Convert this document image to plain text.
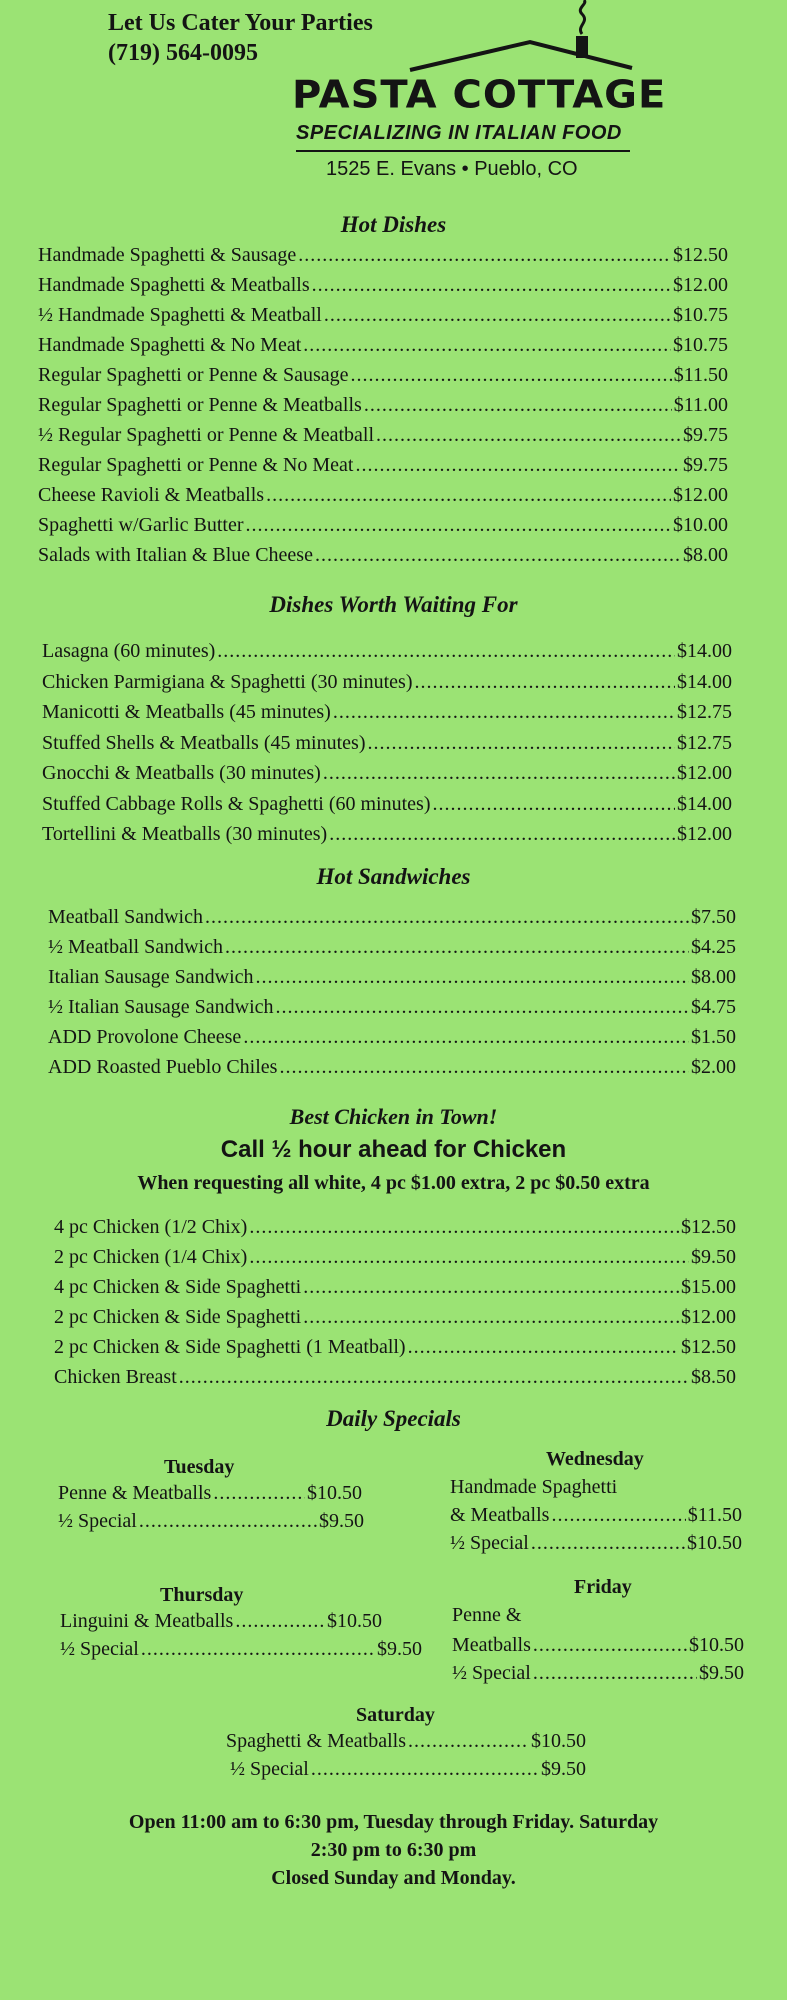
Let Us Cater Your Parties
(719) 564-0095
PASTA COTTAGE
SPECIALIZING IN ITALIAN FOOD
1525 E. Evans • Pueblo, CO
Hot Dishes
Handmade Spaghetti & Sausage .....	$12.50
Handmade Spaghetti & Meatballs .....	$12.00
½ Handmade Spaghetti & Meatball .....	$10.75
Handmade Spaghetti & No Meat .....	$10.75
Regular Spaghetti or Penne & Sausage .....	$11.50
Regular Spaghetti or Penne & Meatballs .....	$11.00
½ Regular Spaghetti or Penne & Meatball .....	$9.75
Regular Spaghetti or Penne & No Meat .....	$9.75
Cheese Ravioli & Meatballs .....	$12.00
Spaghetti w/Garlic Butter .....	$10.00
Salads with Italian & Blue Cheese .....	$8.00
Dishes Worth Waiting For
Lasagna (60 minutes) .....	$14.00
Chicken Parmigiana & Spaghetti (30 minutes) .....	$14.00
Manicotti & Meatballs (45 minutes) .....	$12.75
Stuffed Shells & Meatballs (45 minutes) .....	$12.75
Gnocchi & Meatballs (30 minutes) .....	$12.00
Stuffed Cabbage Rolls & Spaghetti (60 minutes) .....	$14.00
Tortellini & Meatballs (30 minutes) .....	$12.00
Hot Sandwiches
Meatball Sandwich .....	$7.50
½ Meatball Sandwich .....	$4.25
Italian Sausage Sandwich .....	$8.00
½ Italian Sausage Sandwich .....	$4.75
ADD Provolone Cheese .....	$1.50
ADD Roasted Pueblo Chiles .....	$2.00
Best Chicken in Town!
Call ½ hour ahead for Chicken
When requesting all white, 4 pc $1.00 extra, 2 pc $0.50 extra
4 pc Chicken (1/2 Chix) .....	$12.50
2 pc Chicken (1/4 Chix) .....	$9.50
4 pc Chicken & Side Spaghetti .....	$15.00
2 pc Chicken & Side Spaghetti .....	$12.00
2 pc Chicken & Side Spaghetti (1 Meatball) .....	$12.50
Chicken Breast .....	$8.50
Daily Specials
Tuesday
Penne & Meatballs .....	$10.50
½ Special .....	$9.50
Wednesday
Handmade Spaghetti
& Meatballs .....	$11.50
½ Special .....	$10.50
Thursday
Linguini & Meatballs .....	$10.50
½ Special .....	$9.50
Friday
Penne &
Meatballs .....	$10.50
½ Special .....	$9.50
Saturday
Spaghetti & Meatballs .....	$10.50
½ Special .....	$9.50
Open 11:00 am to 6:30 pm, Tuesday through Friday. Saturday
2:30 pm to 6:30 pm
Closed Sunday and Monday.
